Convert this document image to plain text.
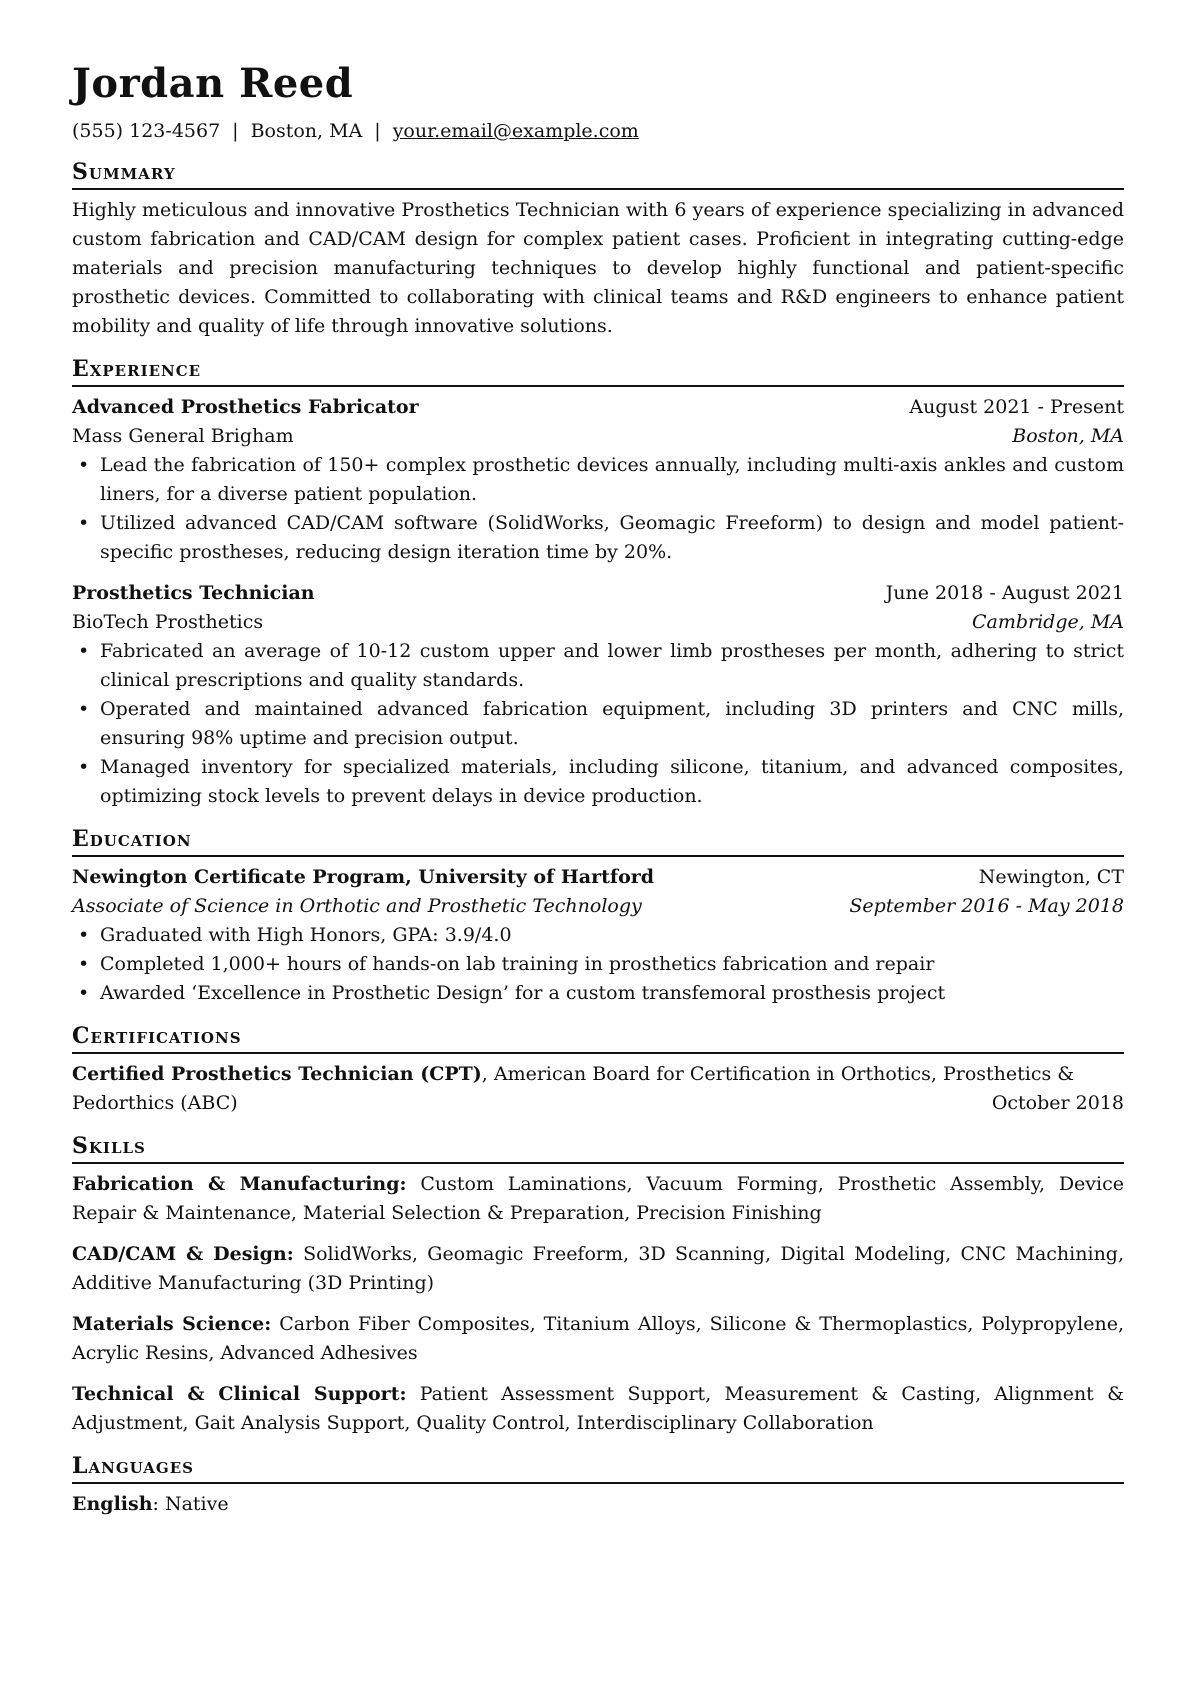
Jordan Reed
(555) 123-4567 | Boston, MA | your.email@example.com
Summary

Highly meticulous and innovative Prosthetics Technician with 6 years of experience specializing in advanced custom fabrication and CAD/CAM design for complex patient cases. Proficient in integrating cutting-edge materials and precision manufacturing techniques to develop highly functional and patient-specific prosthetic devices. Committed to collaborating with clinical teams and R&D engineers to enhance patient mobility and quality of life through innovative solutions.

Experience
Advanced Prosthetics Fabricator	August 2021 - Present
Mass General Brigham	Boston, MA
• Lead the fabrication of 150+ complex prosthetic devices annually, including multi-axis ankles and custom liners, for a diverse patient population.
• Utilized advanced CAD/CAM software (SolidWorks, Geomagic Freeform) to design and model patient-specific prostheses, reducing design iteration time by 20%.
Prosthetics Technician	June 2018 - August 2021
BioTech Prosthetics	Cambridge, MA
• Fabricated an average of 10-12 custom upper and lower limb prostheses per month, adhering to strict clinical prescriptions and quality standards.
• Operated and maintained advanced fabrication equipment, including 3D printers and CNC mills, ensuring 98% uptime and precision output.
• Managed inventory for specialized materials, including silicone, titanium, and advanced composites, optimizing stock levels to prevent delays in device production.
Education
Newington Certificate Program, University of Hartford	Newington, CT
Associate of Science in Orthotic and Prosthetic Technology	September 2016 - May 2018
• Graduated with High Honors, GPA: 3.9/4.0
• Completed 1,000+ hours of hands-on lab training in prosthetics fabrication and repair
• Awarded ‘Excellence in Prosthetic Design’ for a custom transfemoral prosthesis project
Certifications
Certified Prosthetics Technician (CPT), American Board for Certification in Orthotics, Prosthetics &
Pedorthics (ABC)	October 2018
Skills

Fabrication & Manufacturing: Custom Laminations, Vacuum Forming, Prosthetic Assembly, Device Repair & Maintenance, Material Selection & Preparation, Precision Finishing

CAD/CAM & Design: SolidWorks, Geomagic Freeform, 3D Scanning, Digital Modeling, CNC Machining, Additive Manufacturing (3D Printing)

Materials Science: Carbon Fiber Composites, Titanium Alloys, Silicone & Thermoplastics, Polypropylene, Acrylic Resins, Advanced Adhesives

Technical & Clinical Support: Patient Assessment Support, Measurement & Casting, Alignment & Adjustment, Gait Analysis Support, Quality Control, Interdisciplinary Collaboration

Languages

English: Native
